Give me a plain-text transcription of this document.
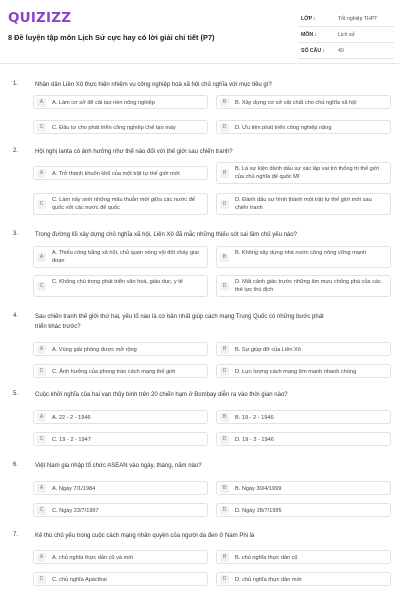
QUIZIZZ
8 Đề luyện tập môn Lịch Sử cực hay có lời giải chi tiết (P7)
LỚP :	Tốt nghiệp THPT
MÔN :	Lịch sử
SỐ CÂU :	40
1.	Nhân dân Liên Xô thực hiện nhiệm vụ công nghiệp hoá xã hội chủ nghĩa với mục tiêu gì?
A	A. Làm cơ sở để cải tạo nền nông nghiệp	B	B. Xây dựng cơ sở vật chất cho chủ nghĩa xã hội
C	C. Đầu tư cho phát triển công nghiệp chế tạo máy	D	D. Ưu tiên phát triển công nghiệp nặng
2.	Hội nghị Ianta có ảnh hưởng như thế nào đối với thế giới sau chiến tranh?
A	A. Trở thành khuôn khổ của một trật tự thế giới mới	B
B. Là sự kiện đánh dấu sự xác lập vai trò thống trị thế giới của chủ nghĩa đế quốc Mĩ
C
C. Làm nảy sinh những mâu thuẫn mới giữa các nước đế quốc với các nước đế quốc
D
D. Đánh dấu sự hình thành một trật tự thế giới mới sau chiến tranh
3.	Trong đường lối xây dựng chủ nghĩa xã hội, Liên Xô đã mắc những thiếu sót sai lầm chủ yếu nào?
A
A. Thiếu công bằng xã hội, chủ quan nóng vội đốt cháy giai đoạn
B
B. Không xây dựng nhà nước công nông vững mạnh
C
C. Không chú trọng phát triển văn hoá, giáo dục, y tế
D
D. Mất cảnh giác trước những âm mưu chống phá của các thế lực thù địch
4.	Sau chiến tranh thế giới thứ hai, yếu tố nào là cơ bản nhất giúp cách mạng Trung Quốc có những bước phát triển khác trước?
A	A. Vùng giải phóng được mở rộng	B	B. Sự giúp đỡ của Liên Xô
C	C. Ảnh hưởng của phong trào cách mạng thế giới	D	D. Lực lượng cách mạng lớn mạnh nhanh chóng
5.	Cuộc khởi nghĩa của hai vạn thủy binh trên 20 chiến hạm ở Bombay diễn ra vào thời gian nào?
A	A. 22 - 2 - 1946	B	B. 19 - 2 - 1946
C	C. 19 - 2 - 1947	D	D. 19 - 3 - 1946
6.	Việt Nam gia nhập tổ chức ASEAN vào ngày, tháng, năm nào?
A	A. Ngày 7/1/1984	B	B. Ngày 30/4/1999
C	C. Ngày 23/7/1997	D	D. Ngày 28/7/1995
7.	Kẻ thù chủ yếu trong cuộc cách mạng nhân quyền của người da đen ở Nam Phi là
A	A. chủ nghĩa thực dân cũ và mới	B	B. chủ nghĩa thực dân cũ
C	C. chủ nghĩa Apácthai	D	D. chủ nghĩa thực dân mới
